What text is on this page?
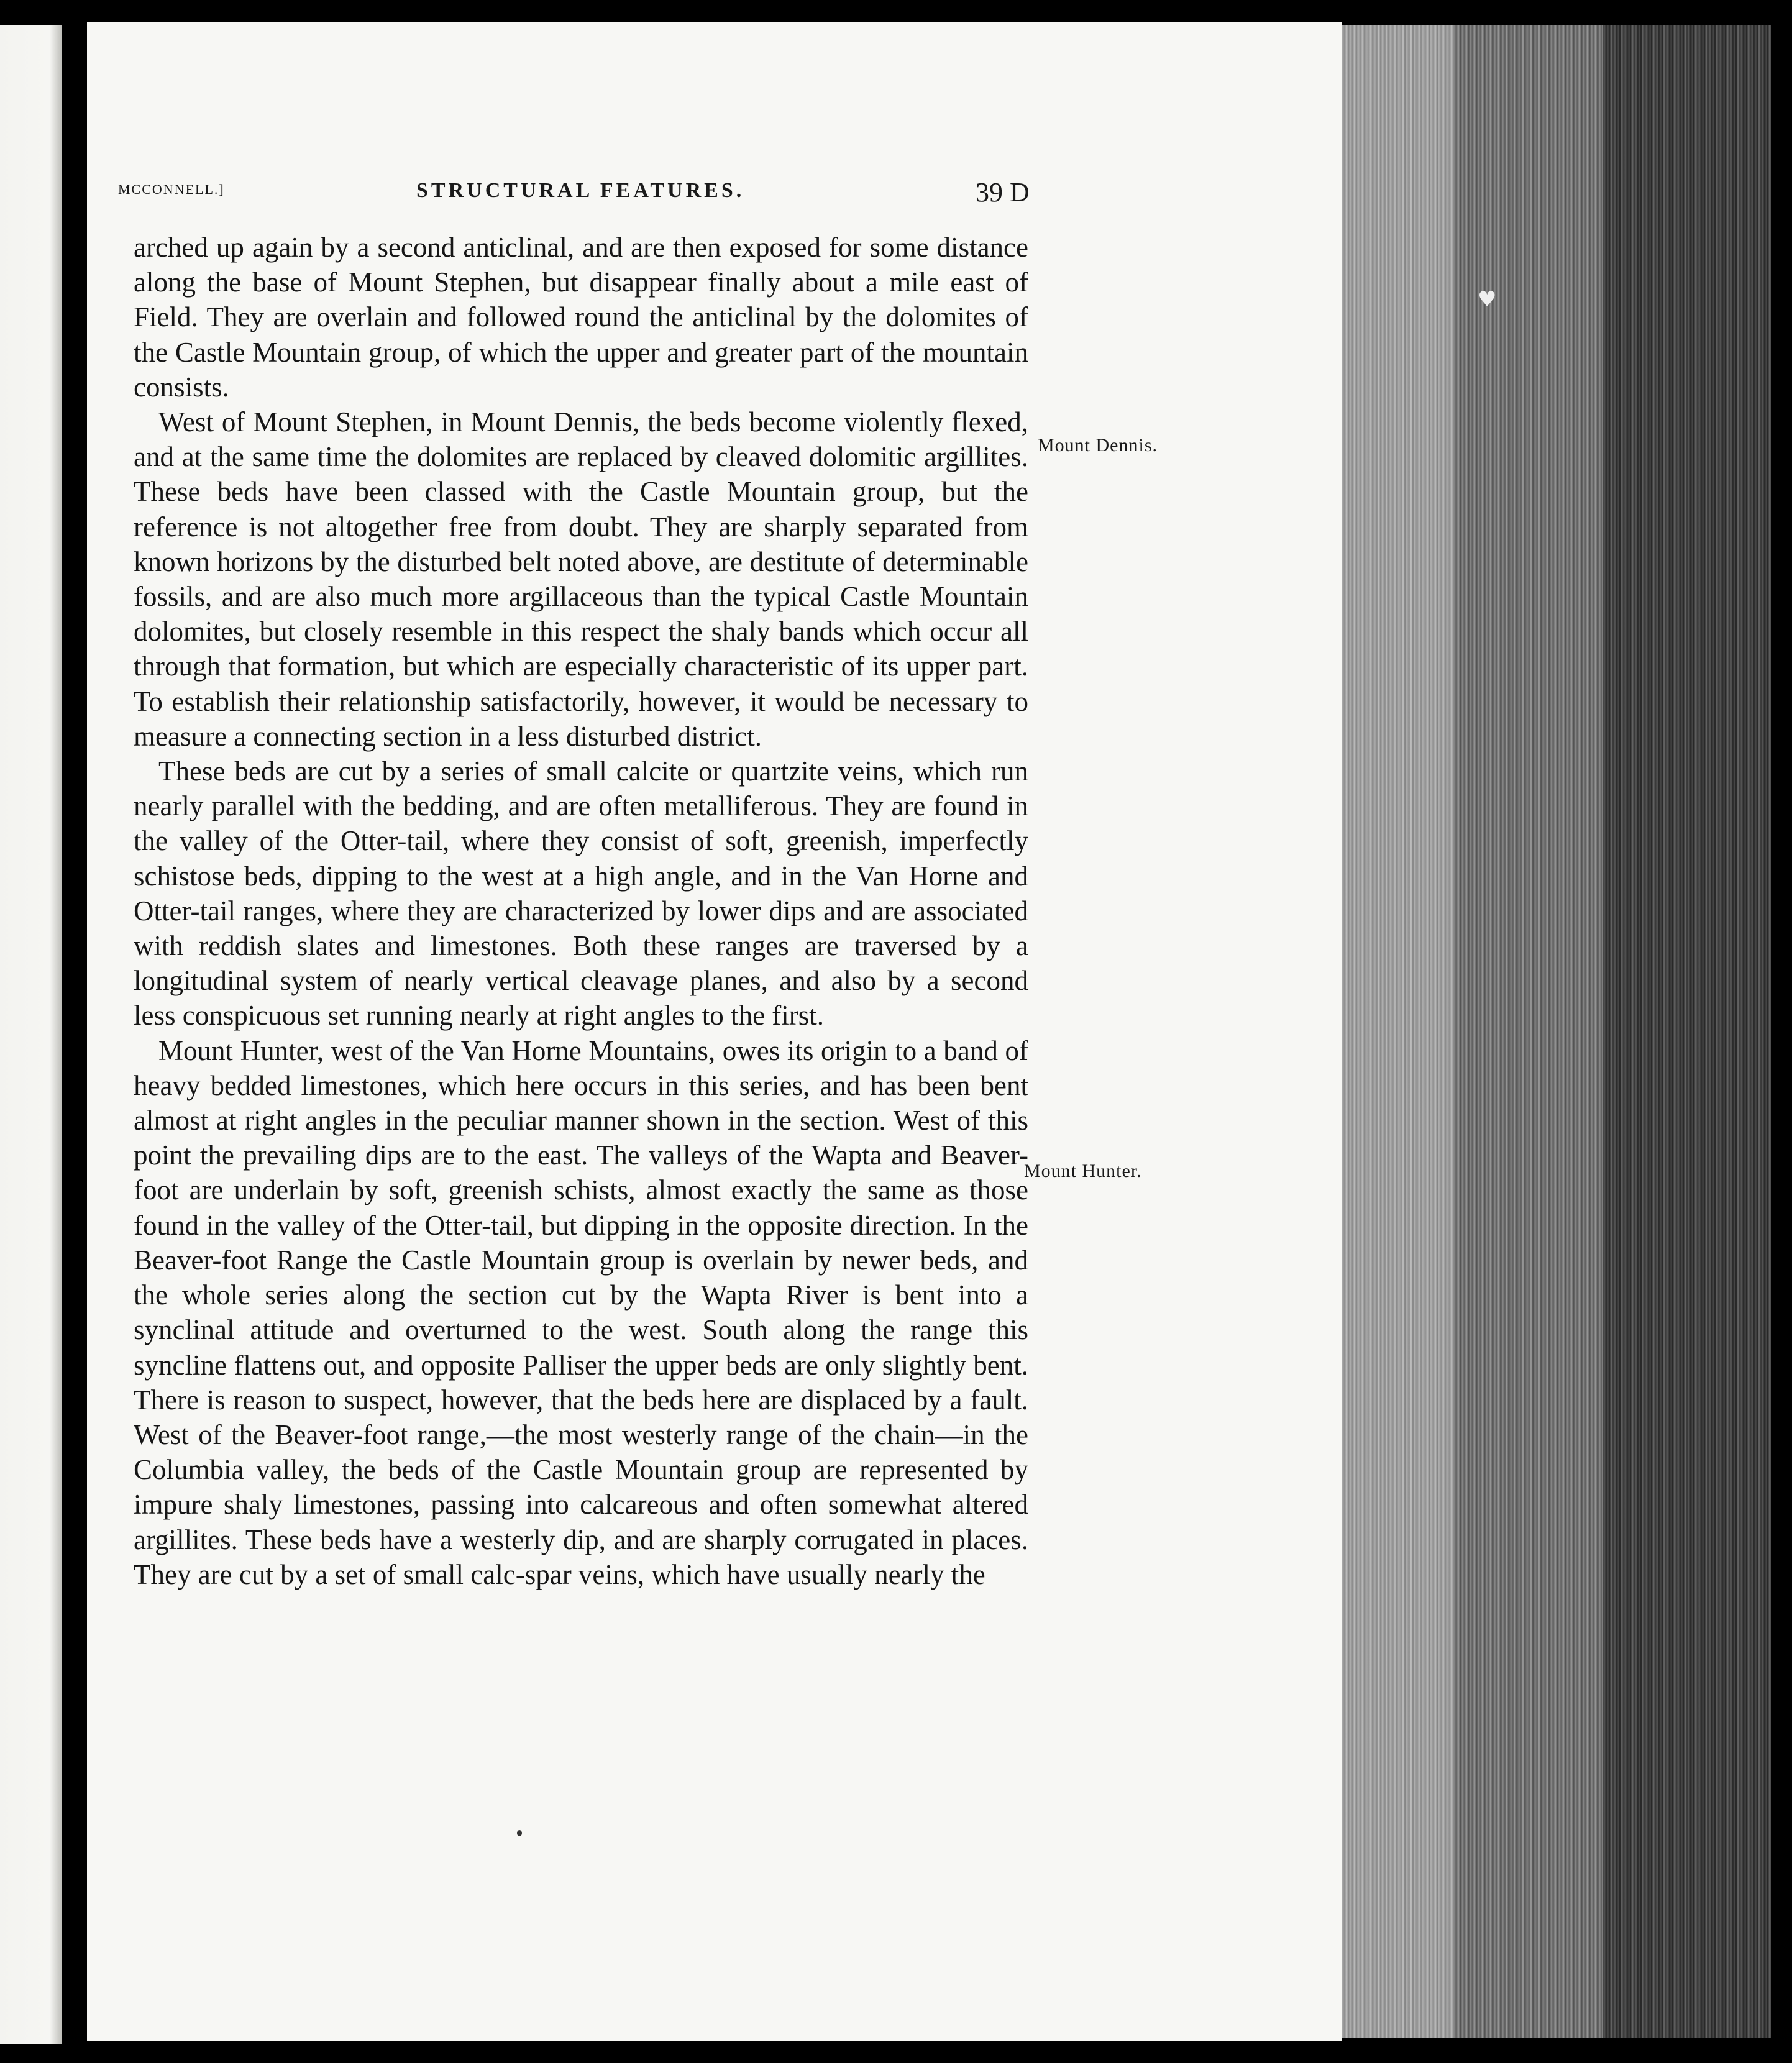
♥
MCCONNELL.]	STRUCTURAL FEATURES.	39 D

arched up again by a second anticlinal, and are then exposed for some distance along the base of Mount Stephen, but disappear finally about a mile east of Field. They are overlain and followed round the anticlinal by the dolomites of the Castle Mountain group, of which the upper and greater part of the mountain consists.

West of Mount Stephen, in Mount Dennis, the beds become violently flexed, and at the same time the dolomites are replaced by cleaved dolomitic argillites. These beds have been classed with the Castle Mountain group, but the reference is not altogether free from doubt. They are sharply separated from known horizons by the disturbed belt noted above, are destitute of determinable fossils, and are also much more argillaceous than the typical Castle Mountain dolomites, but closely resemble in this respect the shaly bands which occur all through that formation, but which are especially characteristic of its upper part. To establish their relationship satisfactorily, however, it would be necessary to measure a connecting section in a less disturbed district.

These beds are cut by a series of small calcite or quartzite veins, which run nearly parallel with the bedding, and are often metalliferous. They are found in the valley of the Otter-tail, where they consist of soft, greenish, imperfectly schistose beds, dipping to the west at a high angle, and in the Van Horne and Otter-tail ranges, where they are characterized by lower dips and are associated with reddish slates and limestones. Both these ranges are traversed by a longitudinal system of nearly vertical cleavage planes, and also by a second less conspicuous set running nearly at right angles to the first.

Mount Hunter, west of the Van Horne Mountains, owes its origin to a band of heavy bedded limestones, which here occurs in this series, and has been bent almost at right angles in the peculiar manner shown in the section. West of this point the prevailing dips are to the east. The valleys of the Wapta and Beaver-foot are underlain by soft, greenish schists, almost exactly the same as those found in the valley of the Otter-tail, but dipping in the opposite direction. In the Beaver-foot Range the Castle Mountain group is overlain by newer beds, and the whole series along the section cut by the Wapta River is bent into a synclinal attitude and overturned to the west. South along the range this syncline flattens out, and opposite Palliser the upper beds are only slightly bent. There is reason to suspect, however, that the beds here are displaced by a fault. West of the Beaver-foot range,—the most westerly range of the chain—in the Columbia valley, the beds of the Castle Mountain group are represented by impure shaly limestones, passing into calcareous and often somewhat altered argillites. These beds have a westerly dip, and are sharply corrugated in places. They are cut by a set of small calc-spar veins, which have usually nearly the

Mount Dennis.
Mount Hunter.
